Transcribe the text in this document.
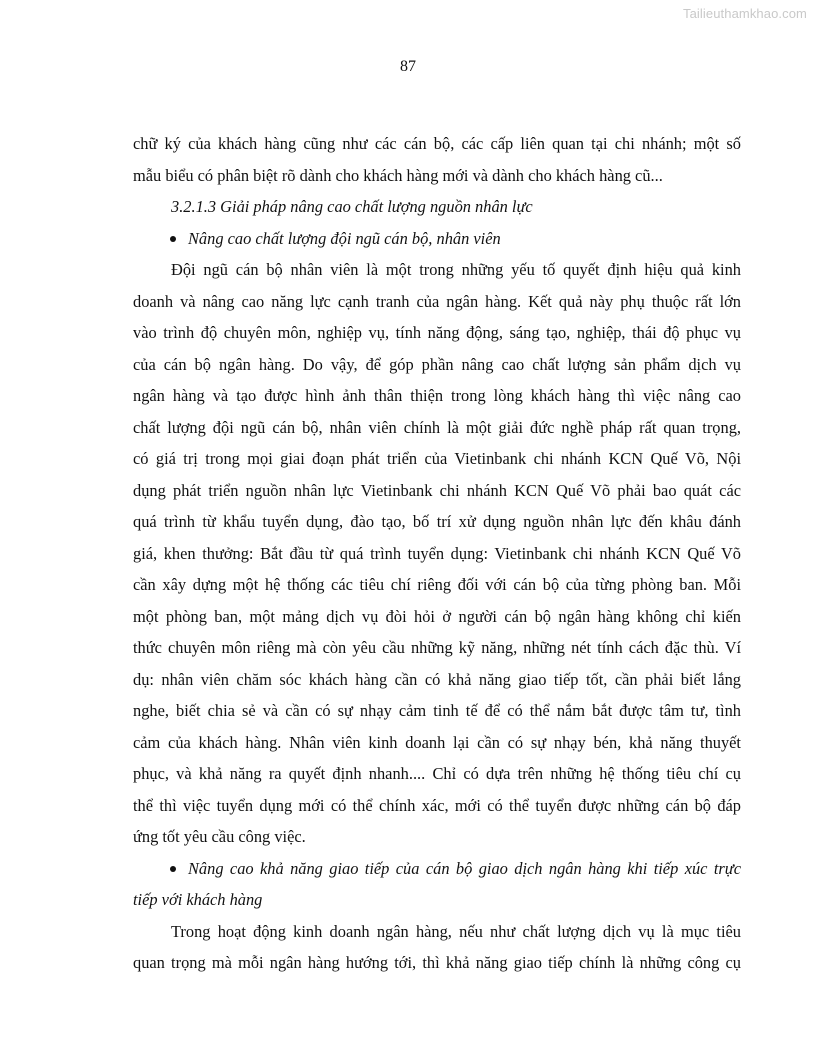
Tailieuthamkhao.com
87
chữ ký của khách hàng cũng như các cán bộ, các cấp liên quan tại chi nhánh; một số
mẫu biểu có phân biệt rõ dành cho khách hàng mới và dành cho khách hàng cũ...
3.2.1.3 Giải pháp nâng cao chất lượng nguồn nhân lực
Nâng cao chất lượng đội ngũ cán bộ, nhân viên
Đội ngũ cán bộ nhân viên là một trong những yếu tố quyết định hiệu quả kinh
doanh và nâng cao năng lực cạnh tranh của ngân hàng. Kết quả này phụ thuộc rất lớn
vào trình độ chuyên môn, nghiệp vụ, tính năng động, sáng tạo, nghiệp, thái độ phục vụ
của cán bộ ngân hàng. Do vậy, để góp phần nâng cao chất lượng sản phẩm dịch vụ
ngân hàng và tạo được hình ảnh thân thiện trong lòng khách hàng thì việc nâng cao
chất lượng đội ngũ cán bộ, nhân viên chính là một giải đức nghề pháp rất quan trọng,
có giá trị trong mọi giai đoạn phát triển của Vietinbank chi nhánh KCN Quế Võ, Nội
dụng phát triển nguồn nhân lực Vietinbank chi nhánh KCN Quế Võ phải bao quát các
quá trình từ khẩu tuyển dụng, đào tạo, bố trí xử dụng nguồn nhân lực đến khâu đánh
giá, khen thưởng: Bắt đầu từ quá trình tuyển dụng: Vietinbank chi nhánh KCN Quế Võ
cần xây dựng một hệ thống các tiêu chí riêng đối với cán bộ của từng phòng ban. Mỗi
một phòng ban, một mảng dịch vụ đòi hỏi ở người cán bộ ngân hàng không chỉ kiến
thức chuyên môn riêng mà còn yêu cầu những kỹ năng, những nét tính cách đặc thù. Ví
dụ: nhân viên chăm sóc khách hàng cần có khả năng giao tiếp tốt, cần phải biết lắng
nghe, biết chia sẻ và cần có sự nhạy cảm tinh tế để có thể nắm bắt được tâm tư, tình
cảm của khách hàng. Nhân viên kinh doanh lại cần có sự nhạy bén, khả năng thuyết
phục, và khả năng ra quyết định nhanh.... Chỉ có dựa trên những hệ thống tiêu chí cụ
thể thì việc tuyển dụng mới có thể chính xác, mới có thể tuyển được những cán bộ đáp
ứng tốt yêu cầu công việc.
Nâng cao khả năng giao tiếp của cán bộ giao dịch ngân hàng khi tiếp xúc trực
tiếp với khách hàng
Trong hoạt động kinh doanh ngân hàng, nếu như chất lượng dịch vụ là mục tiêu
quan trọng mà mỗi ngân hàng hướng tới, thì khả năng giao tiếp chính là những công cụ
